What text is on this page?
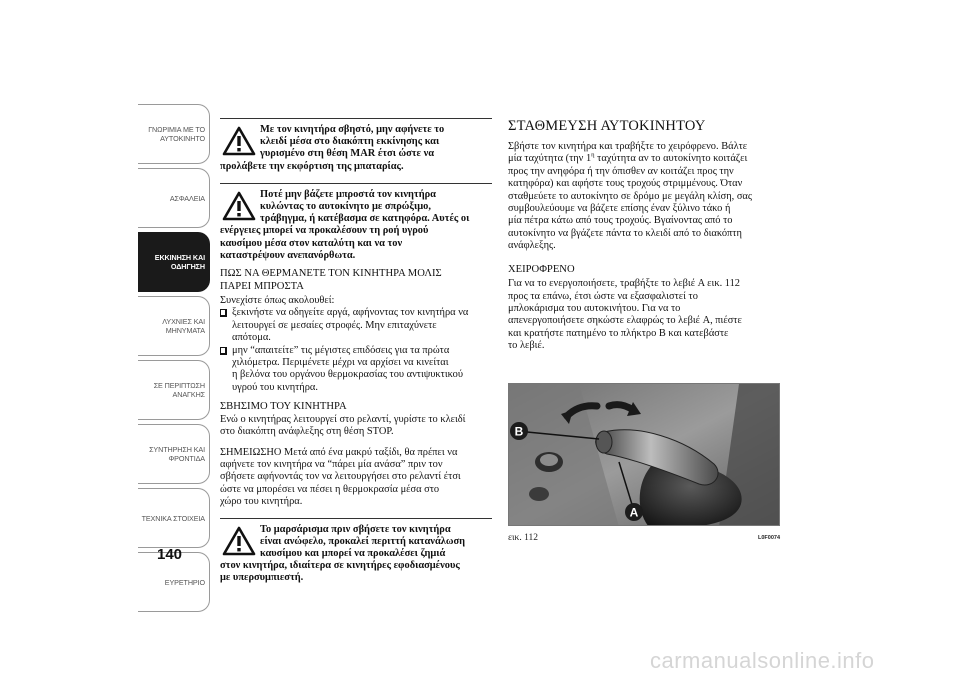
ΓΝΩΡΙΜΙΑ ΜΕ ΤΟ
ΑΥΤΟΚΙΝΗΤΟ
ΑΣΦΑΛΕΙΑ
ΕΚΚΙΝΗΣΗ ΚΑΙ
ΟΔΗΓΗΣΗ
ΛΥΧΝΙΕΣ ΚΑΙ
ΜΗΝΥΜΑΤΑ
ΣΕ ΠΕΡΙΠΤΩΣΗ
ΑΝΑΓΚΗΣ
ΣΥΝΤΗΡΗΣΗ ΚΑΙ
ΦΡΟΝΤΙΔΑ
ΤΕΧΝΙΚΑ ΣΤΟΙΧΕΙΑ
ΕΥΡΕΤΗΡΙΟ
140
Με τον κινητήρα σβηστό, μην αφήνετε το
κλειδί μέσα στο διακόπτη εκκίνησης και
γυρισμένο στη θέση MAR έτσι ώστε να
προλάβετε την εκφόρτιση της μπαταρίας.
Ποτέ μην βάζετε μπροστά τον κινητήρα
κυλώντας το αυτοκίνητο με σπρώξιμο,
τράβηγμα, ή κατέβασμα σε κατηφόρα. Αυτές οι
ενέργειες μπορεί να προκαλέσουν τη ροή υγρού
καυσίμου μέσα στον καταλύτη και να τον
καταστρέψουν ανεπανόρθωτα.
ΠΩΣ ΝΑ ΘΕΡΜΑΝΕΤΕ ΤΟΝ ΚΙΝΗΤΗΡΑ ΜΟΛΙΣ
ΠΑΡΕΙ ΜΠΡΟΣΤΑ
Συνεχίστε όπως ακολουθεί:
ξεκινήστε να οδηγείτε αργά, αφήνοντας τον κινητήρα να
λειτουργεί σε μεσαίες στροφές. Μην επιταχύνετε
απότομα.
μην “απαιτείτε” τις μέγιστες επιδόσεις για τα πρώτα
χιλιόμετρα. Περιμένετε μέχρι να αρχίσει να κινείται
η βελόνα του οργάνου θερμοκρασίας του αντιψυκτικού
υγρού του κινητήρα.
ΣΒΗΣΙΜΟ ΤΟΥ ΚΙΝΗΤΗΡΑ
Ενώ ο κινητήρας λειτουργεί στο ρελαντί, γυρίστε το κλειδί
στο διακόπτη ανάφλεξης στη θέση STOP.
ΣΗΜΕΙΩΣΗΟ Μετά από ένα μακρύ ταξίδι, θα πρέπει να
αφήνετε τον κινητήρα να “πάρει μία ανάσα” πριν τον
σβήσετε αφήνοντάς τον να λειτουργήσει στο ρελαντί έτσι
ώστε να μπορέσει να πέσει η θερμοκρασία μέσα στο
χώρο του κινητήρα.
Το μαρσάρισμα πριν σβήσετε τον κινητήρα
είναι ανώφελο, προκαλεί περιττή κατανάλωση
καυσίμου και μπορεί να προκαλέσει ζημιά
στον κινητήρα, ιδιαίτερα σε κινητήρες εφοδιασμένους
με υπερσυμπιεστή.
ΣΤΑΘΜΕΥΣΗ ΑΥΤΟΚΙΝΗΤΟΥ
Σβήστε τον κινητήρα και τραβήξτε το χειρόφρενο. Βάλτε
μία ταχύτητα (την $1^\eta$ ταχύτητα αν το αυτοκίνητο κοιτάζει
προς την ανηφόρα ή την όπισθεν αν κοιτάζει προς την
κατηφόρα) και αφήστε τους τροχούς στριμμένους. Όταν
σταθμεύετε το αυτοκίνητο σε δρόμο με μεγάλη κλίση, σας
συμβουλεύουμε να βάζετε επίσης έναν ξύλινο τάκο ή
μία πέτρα κάτω από τους τροχούς. Βγαίνοντας από το
αυτοκίνητο να βγάζετε πάντα το κλειδί από το διακόπτη
ανάφλεξης.
ΧΕΙΡΟΦΡΕΝΟ
Για να το ενεργοποιήσετε, τραβήξτε το λεβιέ A εικ. 112
προς τα επάνω, έτσι ώστε να εξασφαλιστεί το
μπλοκάρισμα του αυτοκινήτου. Για να το
απενεργοποιήσετε σηκώστε ελαφρώς το λεβιέ A, πιέστε
και κρατήστε πατημένο το πλήκτρο B και κατεβάστε
το λεβιέ.
B
A
εικ. 112	L0F0074
carmanualsonline.info
